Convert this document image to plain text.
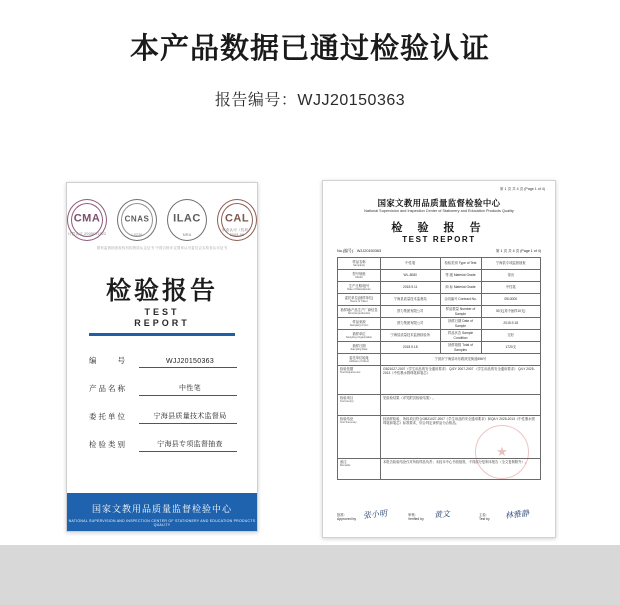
本产品数据已通过检验认证
报告编号：WJJ20150363
CMA
计量认证 2009001822
CNAS
L0230
ILAC
MRA
CAL
审查认可（验收） 2009-06
国家监督抽查检验机构资质认定证书 中国合格评定国家认可委员会实验室认可证书
检验报告
TEST
REPORT
编　　号	WJJ20150363
产品名称	中性笔
委托单位	宁海县质量技术监督局
检验类别	宁海县专项监督抽查
国家文教用品质量监督检验中心
NATIONAL SUPERVISION AND INSPECTION CENTER OF STATIONERY AND EDUCATION PRODUCTS QUALITY
第 1 页 共 4 页 (Page 1 of 4)
国家文教用品质量监督检验中心
National Supervision and Inspection Center of Stationery and Education Products Quality
检 验 报 告
TEST REPORT
No.(编号)：WJJ20150363	第 1 页 共 4 页 (Page 1 of 4)
样品名称
Sample(s)	中性笔	检验类别 Type of Test	宁海县专项监督抽查

型号规格
Model	WL-8080	等 级 Material Grade	得出

生产日期/批号
Date of Manufacture	2015.9.11	商 标 Material Grade	中性笔

委托单位(抽样单位)
Name of Client	宁海县质量技术监督局	合同编号 Contract No.	0513000

抽样地/产品生产厂商信息
Nominal production	预力集团有限公司	样品数量 Number of Sample	50支(其中备样10支)

样品来源
Sample(s) From	预力集团有限公司	抽样日期 Date of Sample	2015.9.18

抽样单位
Sampling Organization	宁海县质量技术监督检验所	样品状态 Sample Condition	完好

抽样日期
Sampling Date	2015.9.18	抽样基数 Total of Samples	1720支

委托单位地址
Address of Client	宁波市宁海县环东路跃龙街道696号		

检验依据
Test Requirement	GB21027-2007《学生用品的安全通用要求》 Q/ZY 2007-2007 《学生用品的安全通用要求》 Q/LY 2025-2013《中性墨水圆珠笔和笔芯》		

检验项目
Test Item(s)	见检验结果（详见附页检验结果）。		

检验结论
Test Summary	经抽样检验，所检项目符合GB21027-2007《学生用品的安全通用要求》和Q/LY 2025-2013《中性墨水圆珠笔和笔芯》标准要求，综合判定该样品为合格品。		

备注
Remarks	本报告检验结论仅对所检样品负责；未经本中心书面批准，不得部分复制本报告（全文复制除外）。		
★
批准：
Approved by 张小明	审核：
Verified by	黄文	主检：
Test by	林雅静
